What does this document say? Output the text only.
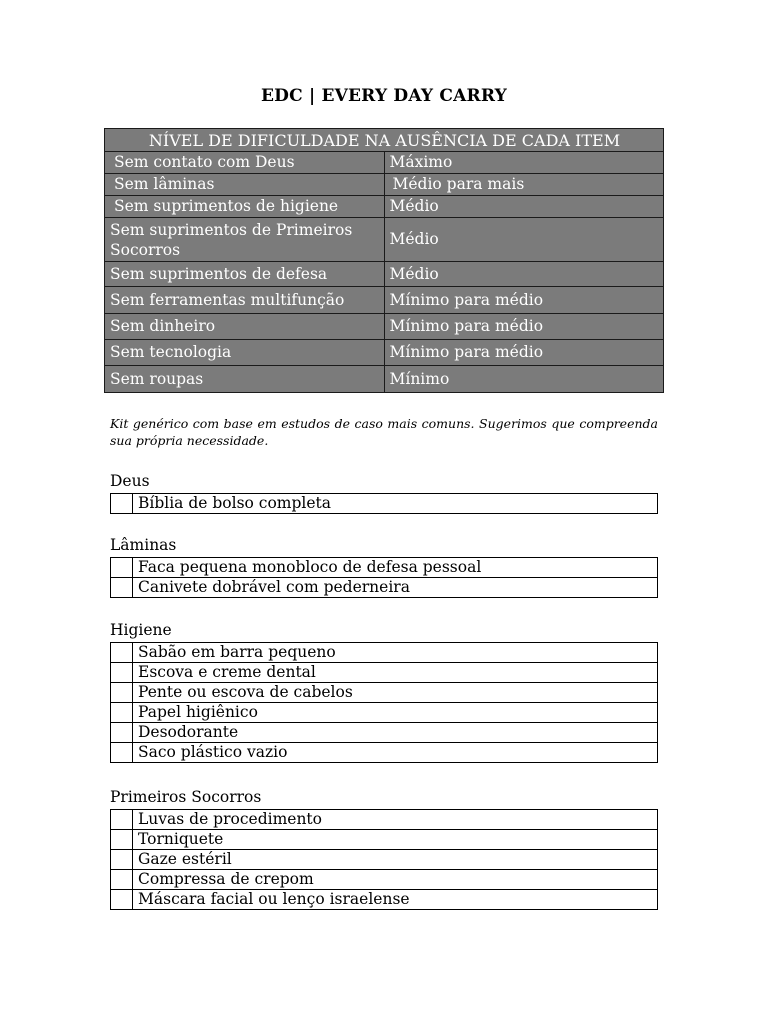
EDC | EVERY DAY CARRY
NÍVEL DE DIFICULDADE NA AUSÊNCIA DE CADA ITEM	
Sem contato com Deus	Máximo
Sem lâminas	Médio para mais
Sem suprimentos de higiene	Médio
Sem suprimentos de Primeiros Socorros	Médio
Sem suprimentos de defesa	Médio
Sem ferramentas multifunção	Mínimo para médio
Sem dinheiro	Mínimo para médio
Sem tecnologia	Mínimo para médio
Sem roupas	Mínimo
Kit genérico com base em estudos de caso mais comuns. Sugerimos que compreenda sua própria necessidade.
Deus
	Bíblia de bolso completa
Lâminas
	Faca pequena monobloco de defesa pessoal
	Canivete dobrável com pederneira
Higiene
	Sabão em barra pequeno
	Escova e creme dental
	Pente ou escova de cabelos
	Papel higiênico
	Desodorante
	Saco plástico vazio
Primeiros Socorros
	Luvas de procedimento
	Torniquete
	Gaze estéril
	Compressa de crepom
	Máscara facial ou lenço israelense
